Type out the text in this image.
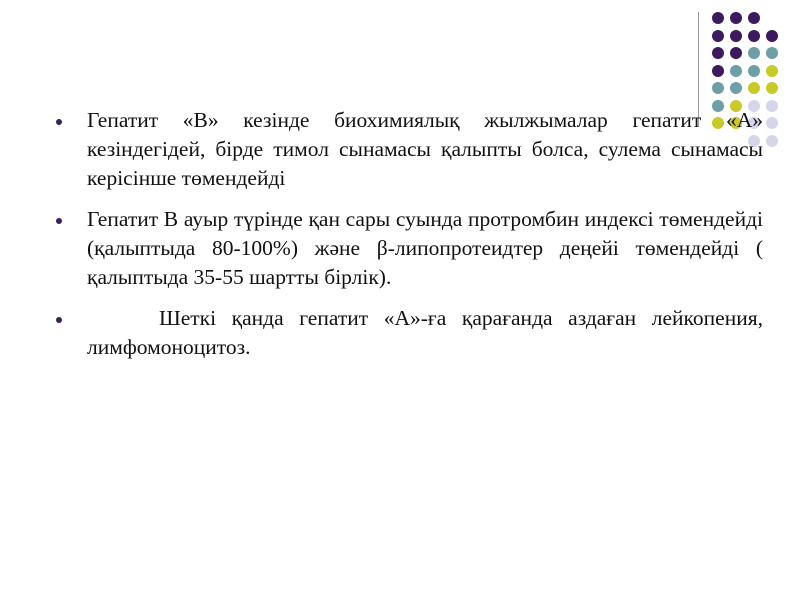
Гепатит «В» кезінде биохимиялық жылжымалар гепатит «А» кезіндегідей, бірде тимол сынамасы қалыпты болса, сулема сынамасы керісінше төмендейді
Гепатит В ауыр түрінде қан сары суында протромбин индексі төмендейді (қалыптыда 80-100%) және β-липопротеидтер деңейі төмендейді ( қалыптыда 35-55 шартты бірлік).
Шеткі қанда гепатит «А»-ға қарағанда аздаған лейкопения, лимфомоноцитоз.
